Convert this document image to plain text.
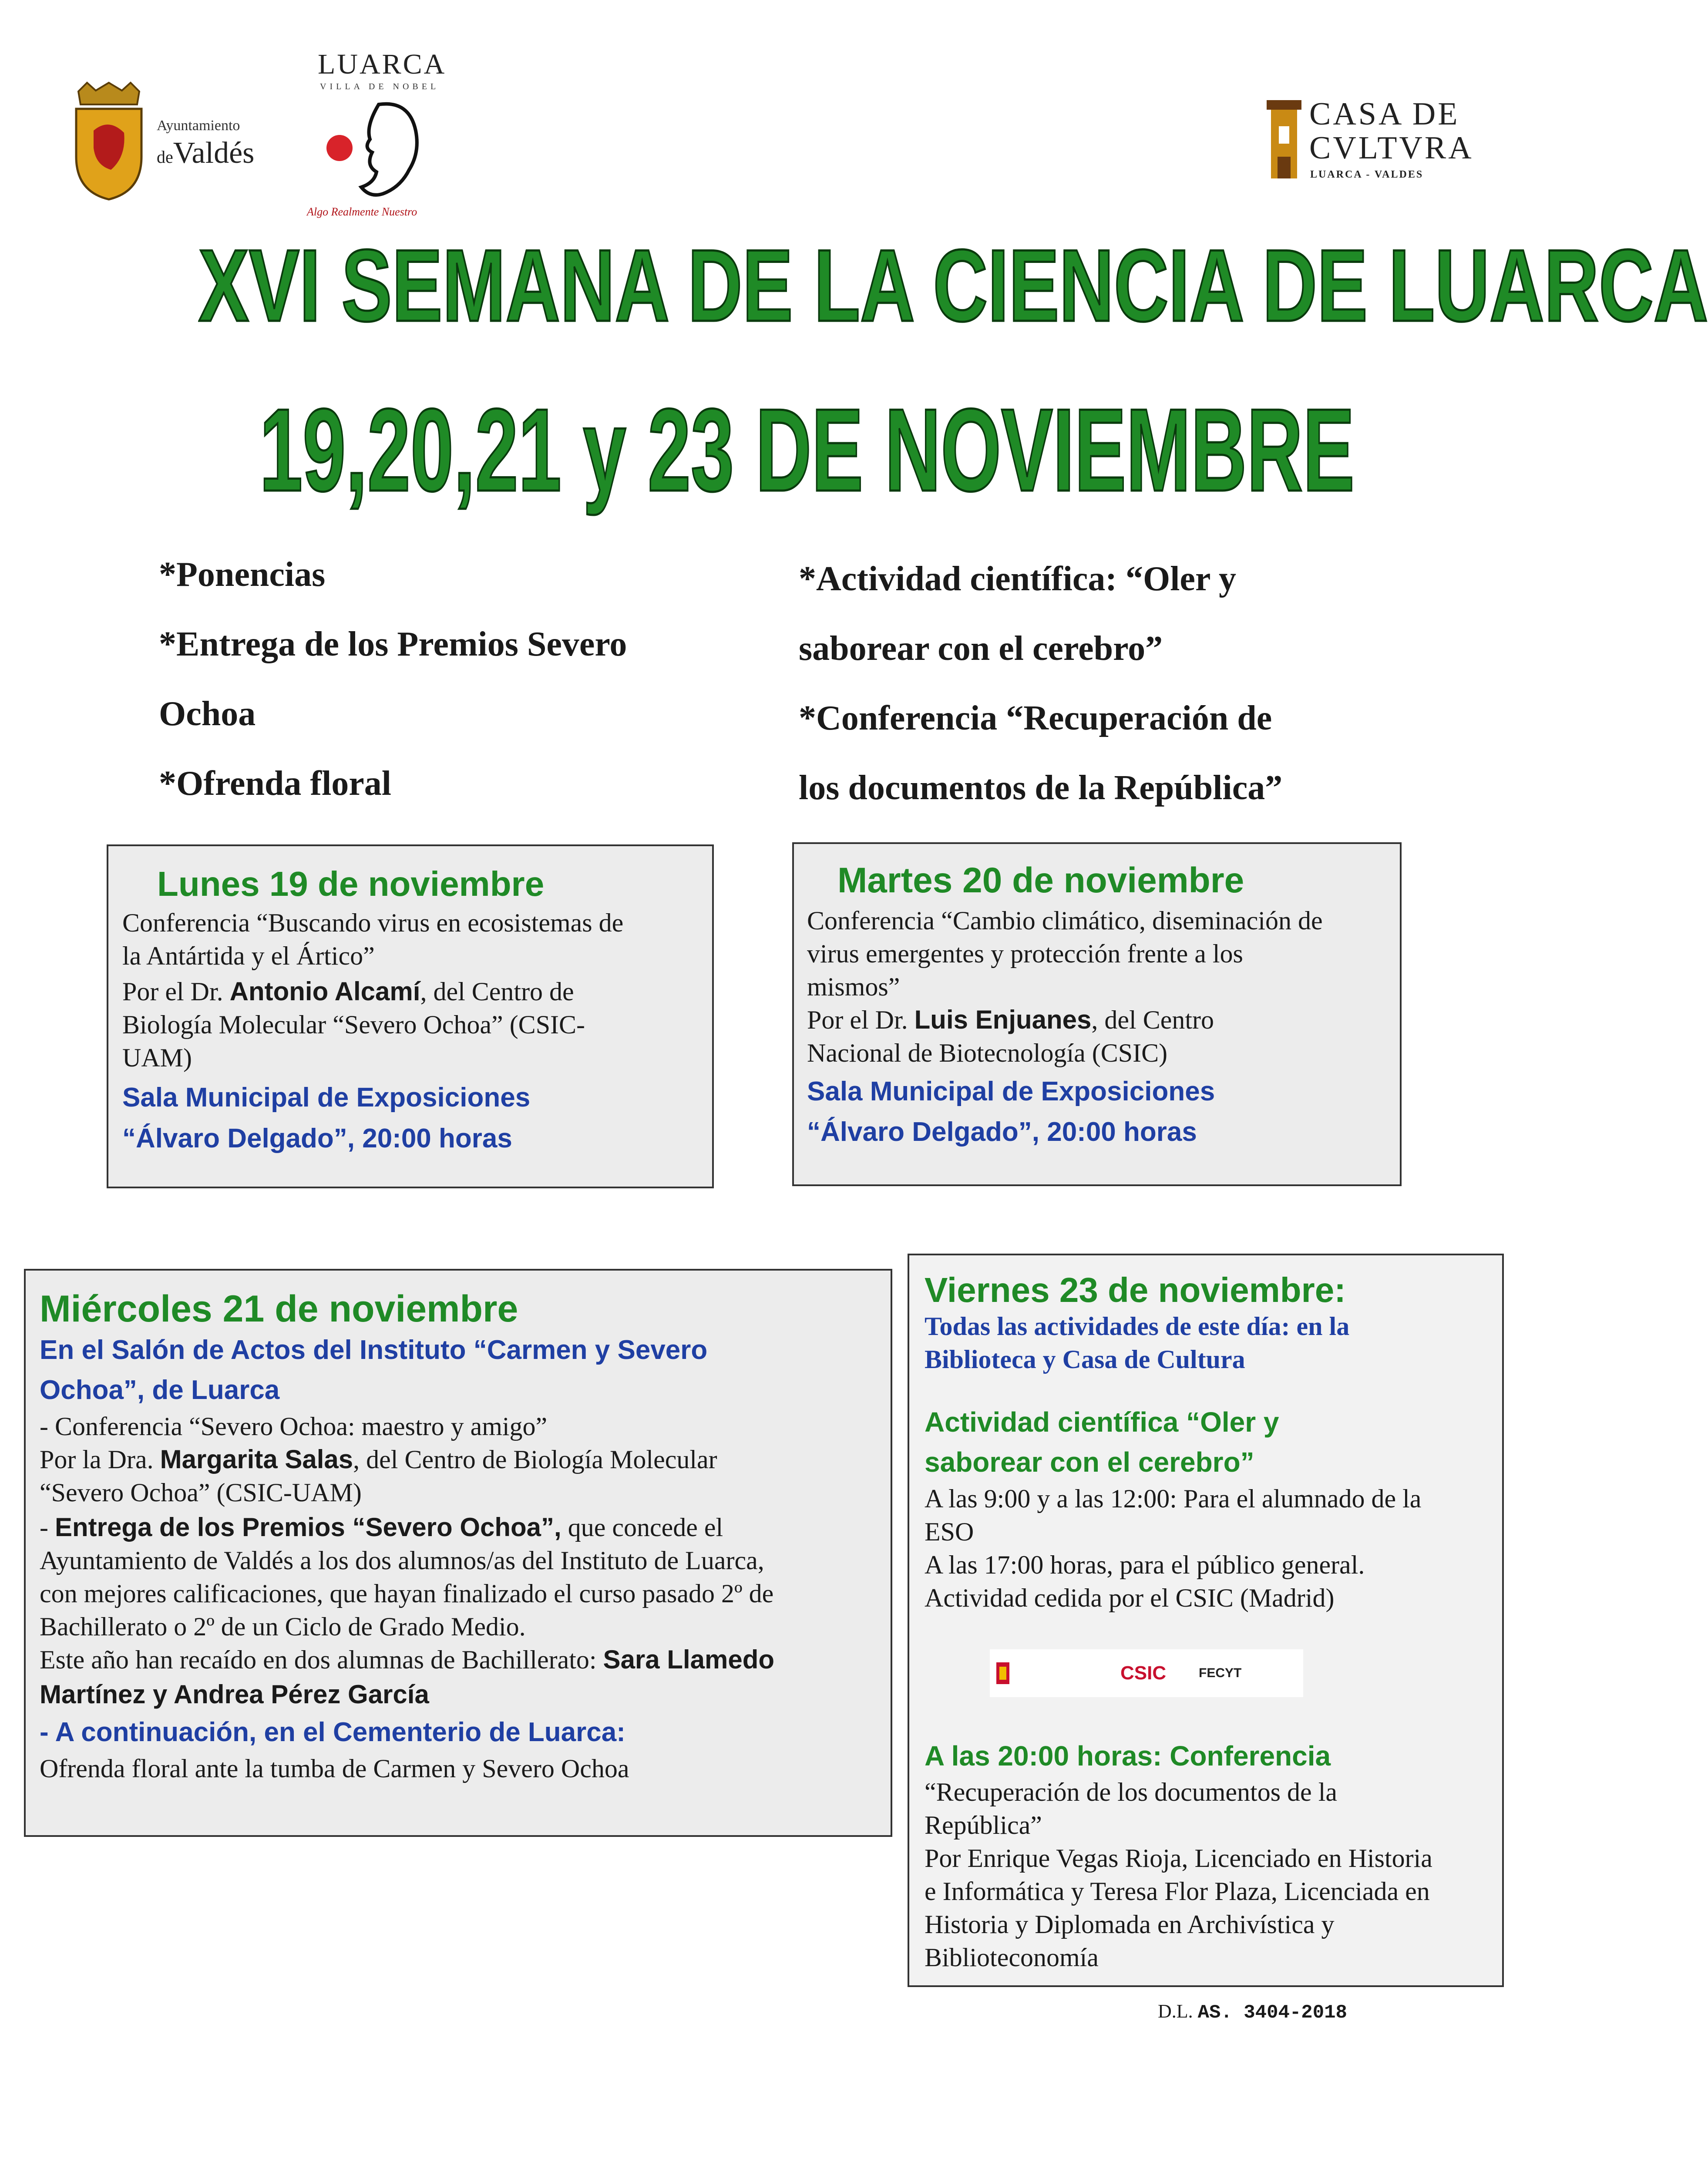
Ayuntamiento
deValdés
LUARCA
VILLA DE NOBEL
Algo Realmente Nuestro
CASA DE
CVLTVRA
LUARCA - VALDES
XVI SEMANA DE LA CIENCIA DE LUARCA
19,20,21 y 23 DE NOVIEMBRE
*Ponencias
*Entrega de los Premios Severo
Ochoa
*Ofrenda floral
*Actividad científica: “Oler y
saborear con el cerebro”
*Conferencia “Recuperación de
los documentos de la República”
Lunes 19 de noviembre
Conferencia “Buscando virus en ecosistemas de
la Antártida y el Ártico”
Por el Dr. Antonio Alcamí, del Centro de
Biología Molecular “Severo Ochoa” (CSIC-
UAM)
Sala Municipal de Exposiciones
“Álvaro Delgado”, 20:00 horas
Martes 20 de noviembre
Conferencia “Cambio climático, diseminación de
virus emergentes y protección frente a los
mismos”
Por el Dr. Luis Enjuanes, del Centro
Nacional de Biotecnología (CSIC)
Sala Municipal de Exposiciones
“Álvaro Delgado”, 20:00 horas
Miércoles 21 de noviembre
En el Salón de Actos del Instituto “Carmen y Severo
Ochoa”, de Luarca
- Conferencia “Severo Ochoa: maestro y amigo”
Por la Dra. Margarita Salas, del Centro de Biología Molecular
“Severo Ochoa” (CSIC-UAM)
- Entrega de los Premios “Severo Ochoa”, que concede el
Ayuntamiento de Valdés a los dos alumnos/as del Instituto de Luarca,
con mejores calificaciones, que hayan finalizado el curso pasado 2º de
Bachillerato o 2º de un Ciclo de Grado Medio.
Este año han recaído en dos alumnas de Bachillerato: Sara Llamedo
Martínez y Andrea Pérez García
- A continuación, en el Cementerio de Luarca:
Ofrenda floral ante la tumba de Carmen y Severo Ochoa
Viernes 23 de noviembre:
Todas las actividades de este día: en la
Biblioteca y Casa de Cultura
Actividad científica “Oler y
saborear con el cerebro”
A las 9:00 y a las 12:00: Para el alumnado de la
ESO
A las 17:00 horas, para el público general.
Actividad cedida por el CSIC (Madrid)
CSIC FECYT
A las 20:00 horas: Conferencia
“Recuperación de los documentos de la
República”
Por Enrique Vegas Rioja, Licenciado en Historia
e Informática y Teresa Flor Plaza, Licenciada en
Historia y Diplomada en Archivística y
Biblioteconomía
D.L. AS. 3404-2018
